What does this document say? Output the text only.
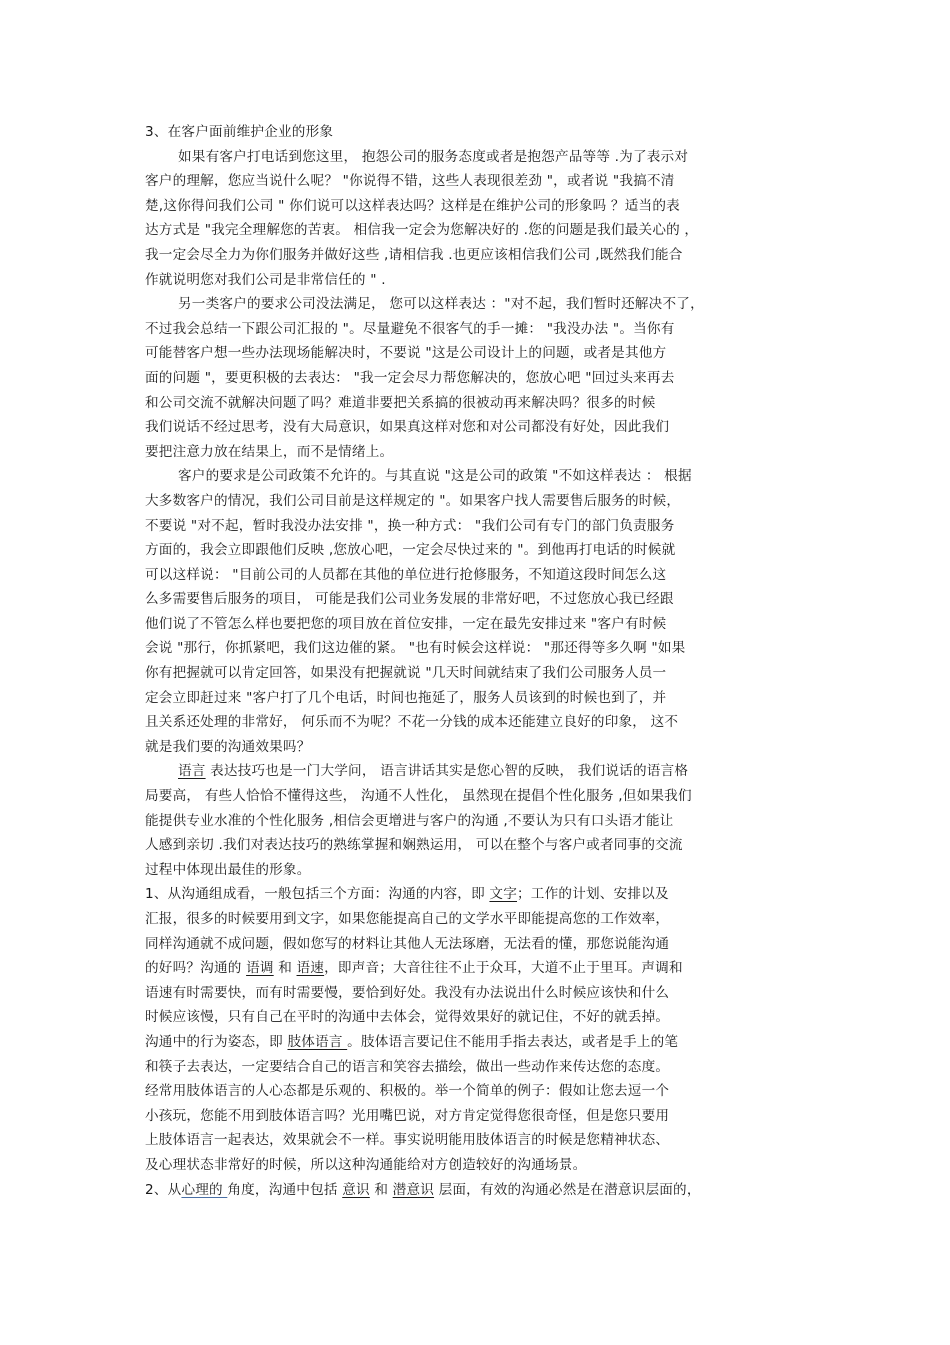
3、在客户面前维护企业的形象
如果有客户打电话到您这里， 抱怨公司的服务态度或者是抱怨产品等等 .为了表示对
客户的理解，您应当说什么呢？ "你说得不错，这些人表现很差劲 "，或者说 "我搞不清
楚,这你得问我们公司 " 你们说可以这样表达吗？这样是在维护公司的形象吗 ？适当的表
达方式是 "我完全理解您的苦衷。 相信我一定会为您解决好的 .您的问题是我们最关心的 ，
我一定会尽全力为你们服务并做好这些 ,请相信我 .也更应该相信我们公司 ,既然我们能合
作就说明您对我们公司是非常信任的 " .
另一类客户的要求公司没法满足， 您可以这样表达 ："对不起，我们暂时还解决不了，
不过我会总结一下跟公司汇报的 "。尽量避免不很客气的手一摊： "我没办法 "。当你有
可能替客户想一些办法现场能解决时，不要说 "这是公司设计上的问题，或者是其他方
面的问题 "，要更积极的去表达： "我一定会尽力帮您解决的，您放心吧 "回过头来再去
和公司交流不就解决问题了吗？难道非要把关系搞的很被动再来解决吗？很多的时候
我们说话不经过思考，没有大局意识，如果真这样对您和对公司都没有好处，因此我们
要把注意力放在结果上，而不是情绪上。
客户的要求是公司政策不允许的。与其直说 "这是公司的政策 "不如这样表达 ： 根据
大多数客户的情况，我们公司目前是这样规定的 "。如果客户找人需要售后服务的时候，
不要说 "对不起，暂时我没办法安排 "，换一种方式： "我们公司有专门的部门负责服务
方面的，我会立即跟他们反映 ,您放心吧，一定会尽快过来的 "。到他再打电话的时候就
可以这样说： "目前公司的人员都在其他的单位进行抢修服务，不知道这段时间怎么这
么多需要售后服务的项目， 可能是我们公司业务发展的非常好吧，不过您放心我已经跟
他们说了不管怎么样也要把您的项目放在首位安排，一定在最先安排过来 "客户有时候
会说 "那行，你抓紧吧，我们这边催的紧。 "也有时候会这样说： "那还得等多久啊 "如果
你有把握就可以肯定回答，如果没有把握就说 "几天时间就结束了我们公司服务人员一
定会立即赶过来 "客户打了几个电话，时间也拖延了，服务人员该到的时候也到了，并
且关系还处理的非常好， 何乐而不为呢？不花一分钱的成本还能建立良好的印象， 这不
就是我们要的沟通效果吗？
语言 表达技巧也是一门大学问， 语言讲话其实是您心智的反映， 我们说话的语言格
局要高， 有些人恰恰不懂得这些， 沟通不人性化， 虽然现在提倡个性化服务 ,但如果我们
能提供专业水准的个性化服务 ,相信会更增进与客户的沟通 ,不要认为只有口头语才能让
人感到亲切 .我们对表达技巧的熟练掌握和娴熟运用， 可以在整个与客户或者同事的交流
过程中体现出最佳的形象。
1、从沟通组成看，一般包括三个方面：沟通的内容，即 文字；工作的计划、安排以及
汇报，很多的时候要用到文字，如果您能提高自己的文学水平即能提高您的工作效率，
同样沟通就不成问题，假如您写的材料让其他人无法琢磨，无法看的懂，那您说能沟通
的好吗？沟通的 语调 和 语速，即声音；大音往往不止于众耳，大道不止于里耳。声调和
语速有时需要快，而有时需要慢，要恰到好处。我没有办法说出什么时候应该快和什么
时候应该慢，只有自己在平时的沟通中去体会，觉得效果好的就记住，不好的就丢掉。
沟通中的行为姿态，即 肢体语言 。肢体语言要记住不能用手指去表达，或者是手上的笔
和筷子去表达，一定要结合自己的语言和笑容去描绘，做出一些动作来传达您的态度。
经常用肢体语言的人心态都是乐观的、积极的。举一个简单的例子：假如让您去逗一个
小孩玩，您能不用到肢体语言吗？光用嘴巴说，对方肯定觉得您很奇怪，但是您只要用
上肢体语言一起表达，效果就会不一样。事实说明能用肢体语言的时候是您精神状态、
及心理状态非常好的时候，所以这种沟通能给对方创造较好的沟通场景。
2、从心理的 角度，沟通中包括 意识 和 潜意识 层面，有效的沟通必然是在潜意识层面的，
